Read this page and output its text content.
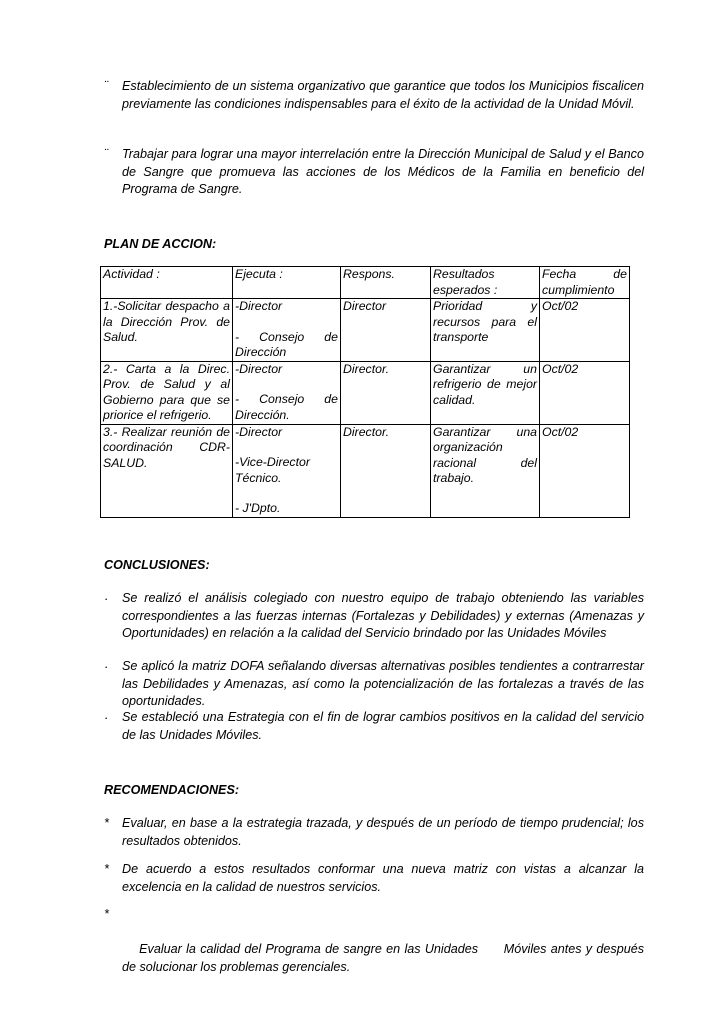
¨ Establecimiento de un sistema organizativo que garantice que todos los Municipios fiscalicen previamente las condiciones indispensables para el éxito de la actividad de la Unidad Móvil.
¨ Trabajar para lograr una mayor interrelación entre la Dirección Municipal de Salud y el Banco de Sangre que promueva las acciones de los Médicos de la Familia en beneficio del Programa de Sangre.
PLAN DE ACCION:
Actividad :	Ejecuta :	Respons.	Resultados esperados :	Fecha de cumplimiento
1.-Solicitar despacho a la Dirección Prov. de Salud.	-Director
- Consejo de Dirección	Director	Prioridad y recursos para el transporte	Oct/02
2.- Carta a la Direc. Prov. de Salud y al Gobierno para que se priorice el refrigerio.	-Director
- Consejo de Dirección.	Director.	Garantizar un refrigerio de mejor calidad.	Oct/02
3.- Realizar reunión de coordinación CDR-SALUD.	-Director
-Vice-Director Técnico.
- J'Dpto.	Director.	Garantizar una organización racional del trabajo.	Oct/02
CONCLUSIONES:
· Se realizó el análisis colegiado con nuestro equipo de trabajo obteniendo las variables correspondientes a las fuerzas internas (Fortalezas y Debilidades) y externas (Amenazas y Oportunidades) en relación a la calidad del Servicio brindado por las Unidades Móviles
· Se aplicó la matriz DOFA señalando diversas alternativas posibles tendientes a contrarrestar las Debilidades y Amenazas, así como la potencialización de las fortalezas a través de las oportunidades.
· Se estableció una Estrategia con el fin de lograr cambios positivos en la calidad del servicio de las Unidades Móviles.
RECOMENDACIONES:
* Evaluar, en base a la estrategia trazada, y después de un período de tiempo prudencial; los resultados obtenidos.
* De acuerdo a estos resultados conformar una nueva matriz con vistas a alcanzar la excelencia en la calidad de nuestros servicios.

*

Evaluar la calidad del Programa de sangre en las Unidades      Móviles antes y después de solucionar los problemas gerenciales.
